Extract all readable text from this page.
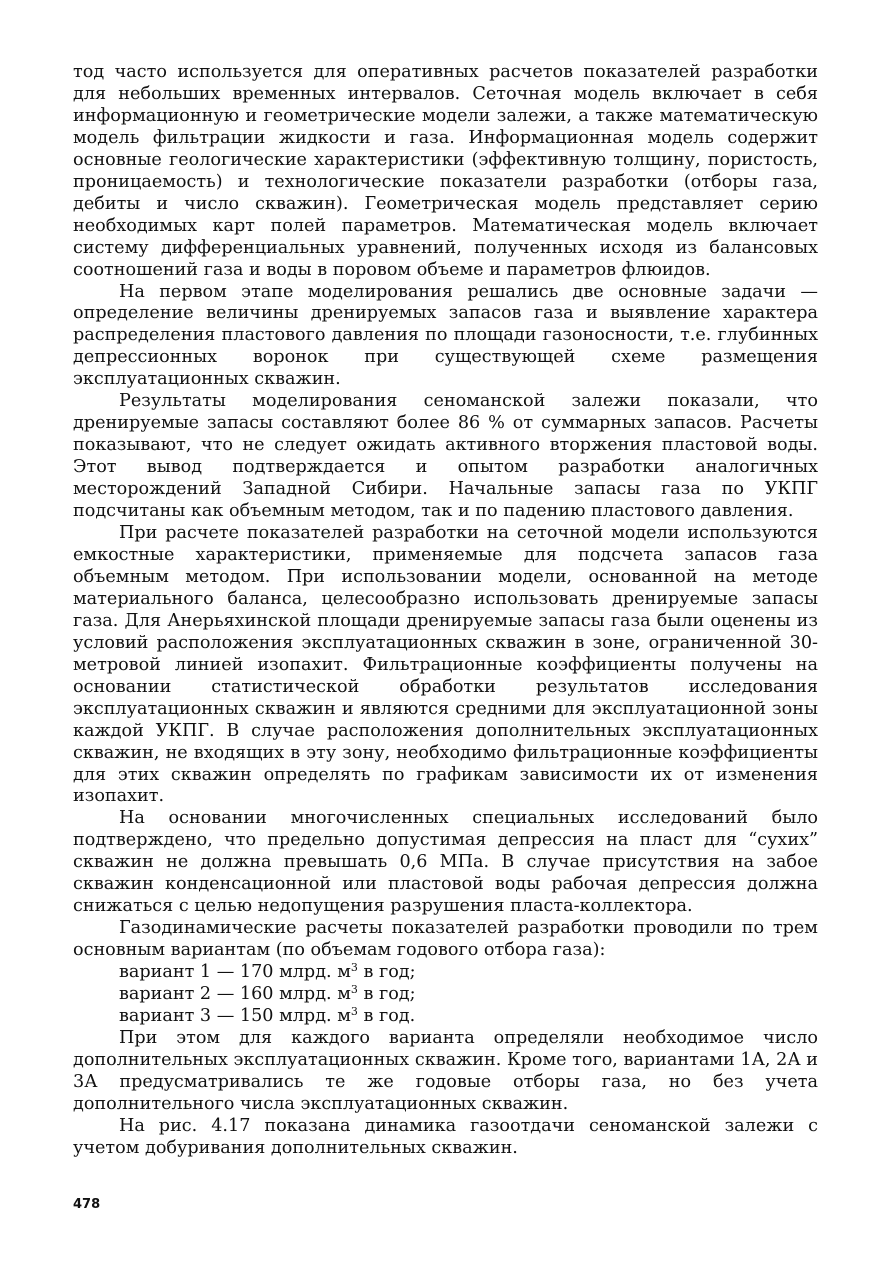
тод часто используется для оперативных расчетов показателей разработки для небольших временных интервалов. Сеточная модель включает в себя информационную и геометрические модели залежи, а также математическую модель фильтрации жидкости и газа. Информационная модель содержит основные геологические характеристики (эффективную толщину, пористость, проницаемость) и технологические показатели разработки (отборы газа, дебиты и число скважин). Геометрическая модель представляет серию необходимых карт полей параметров. Математическая модель включает систему дифференциальных уравнений, полученных исходя из балансовых соотношений газа и воды в поровом объеме и параметров флюидов.

На первом этапе моделирования решались две основные задачи — определение величины дренируемых запасов газа и выявление характера распределения пластового давления по площади газоносности, т.е. глубинных депрессионных воронок при существующей схеме размещения эксплуатационных скважин.

Результаты моделирования сеноманской залежи показали, что дренируемые запасы составляют более 86 % от суммарных запасов. Расчеты показывают, что не следует ожидать активного вторжения пластовой воды. Этот вывод подтверждается и опытом разработки аналогичных месторождений Западной Сибири. Начальные запасы газа по УКПГ подсчитаны как объемным методом, так и по падению пластового давления.

При расчете показателей разработки на сеточной модели используются емкостные характеристики, применяемые для подсчета запасов газа объемным методом. При использовании модели, основанной на методе материального баланса, целесообразно использовать дренируемые запасы газа. Для Анерьяхинской площади дренируемые запасы газа были оценены из условий расположения эксплуатационных скважин в зоне, ограниченной 30-метровой линией изопахит. Фильтрационные коэффициенты получены на основании статистической обработки результатов исследования эксплуатационных скважин и являются средними для эксплуатационной зоны каждой УКПГ. В случае расположения дополнительных эксплуатационных скважин, не входящих в эту зону, необходимо фильтрационные коэффициенты для этих скважин определять по графикам зависимости их от изменения изопахит.

На основании многочисленных специальных исследований было подтверждено, что предельно допустимая депрессия на пласт для “сухих” скважин не должна превышать 0,6 МПа. В случае присутствия на забое скважин конденсационной или пластовой воды рабочая депрессия должна снижаться с целью недопущения разрушения пласта-коллектора.

Газодинамические расчеты показателей разработки проводили по трем основным вариантам (по объемам годового отбора газа):

вариант 1 — 170 млрд. $м^3$ в год;

вариант 2 — 160 млрд. $м^3$ в год;

вариант 3 — 150 млрд. $м^3$ в год.

При этом для каждого варианта определяли необходимое число дополнительных эксплуатационных скважин. Кроме того, вариантами 1А, 2А и 3А предусматривались те же годовые отборы газа, но без учета дополнительного числа эксплуатационных скважин.

На рис. 4.17 показана динамика газоотдачи сеноманской залежи с учетом добуривания дополнительных скважин.

478
